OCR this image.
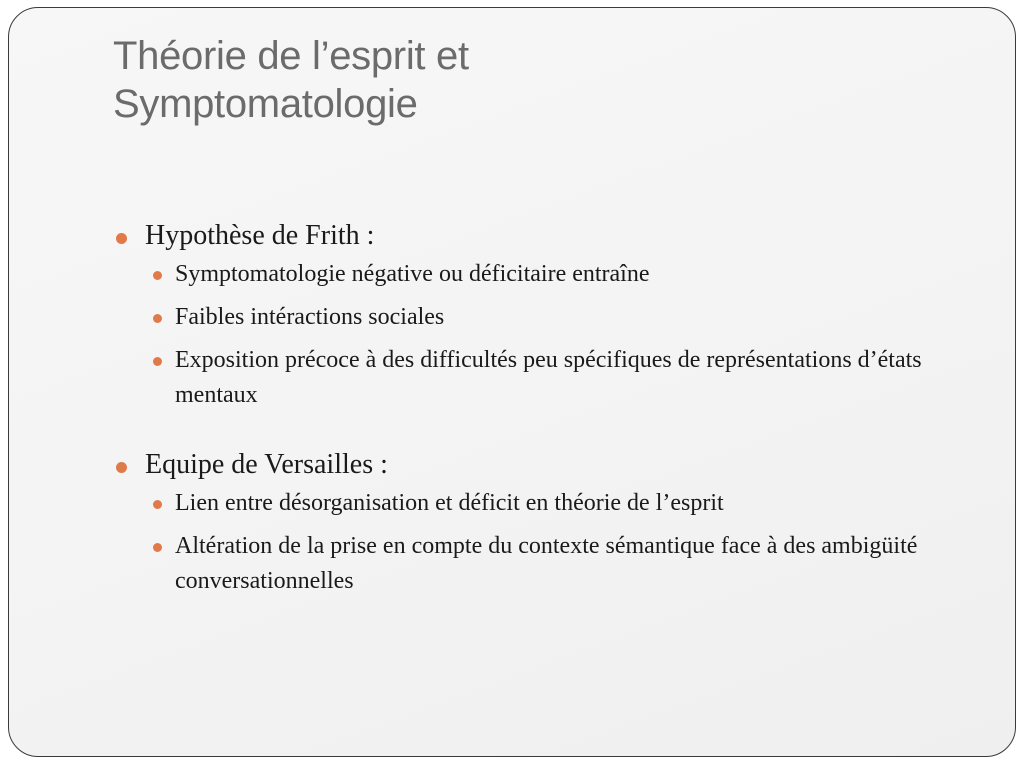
Théorie de l’esprit et
Symptomatologie
Hypothèse de Frith :
Symptomatologie négative ou déficitaire entraîne
Faibles intéractions sociales
Exposition précoce à des difficultés peu spécifiques de représentations d’états mentaux
Equipe de Versailles :
Lien entre désorganisation et déficit en théorie de l’esprit
Altération de la prise en compte du contexte sémantique face à des ambigüité conversationnelles
